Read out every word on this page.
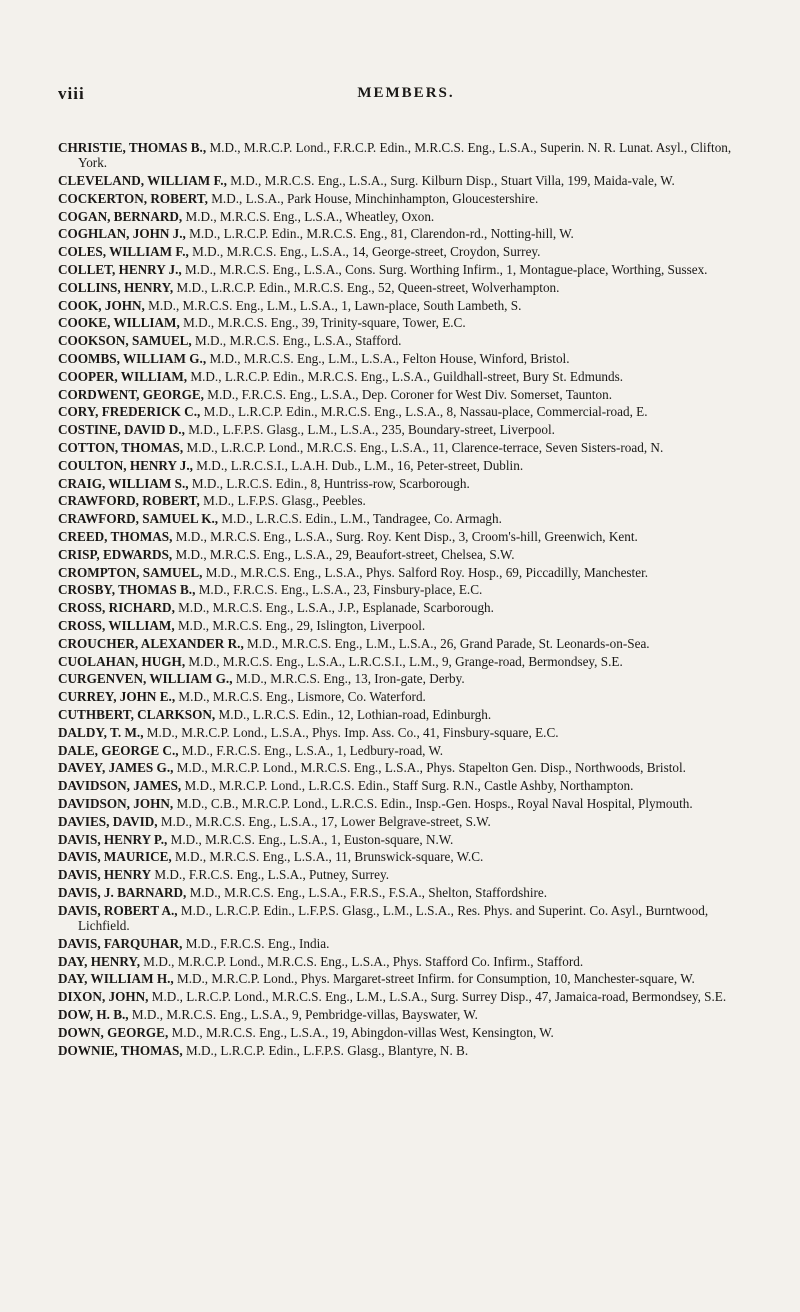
viii	MEMBERS.

CHRISTIE, THOMAS B., M.D., M.R.C.P. Lond., F.R.C.P. Edin., M.R.C.S. Eng., L.S.A., Superin. N. R. Lunat. Asyl., Clifton, York.

CLEVELAND, WILLIAM F., M.D., M.R.C.S. Eng., L.S.A., Surg. Kilburn Disp., Stuart Villa, 199, Maida-vale, W.

COCKERTON, ROBERT, M.D., L.S.A., Park House, Minchinhampton, Gloucestershire.

COGAN, BERNARD, M.D., M.R.C.S. Eng., L.S.A., Wheatley, Oxon.

COGHLAN, JOHN J., M.D., L.R.C.P. Edin., M.R.C.S. Eng., 81, Clarendon-rd., Notting-hill, W.

COLES, WILLIAM F., M.D., M.R.C.S. Eng., L.S.A., 14, George-street, Croydon, Surrey.

COLLET, HENRY J., M.D., M.R.C.S. Eng., L.S.A., Cons. Surg. Worthing Infirm., 1, Montague-place, Worthing, Sussex.

COLLINS, HENRY, M.D., L.R.C.P. Edin., M.R.C.S. Eng., 52, Queen-street, Wolverhampton.

COOK, JOHN, M.D., M.R.C.S. Eng., L.M., L.S.A., 1, Lawn-place, South Lambeth, S.

COOKE, WILLIAM, M.D., M.R.C.S. Eng., 39, Trinity-square, Tower, E.C.

COOKSON, SAMUEL, M.D., M.R.C.S. Eng., L.S.A., Stafford.

COOMBS, WILLIAM G., M.D., M.R.C.S. Eng., L.M., L.S.A., Felton House, Winford, Bristol.

COOPER, WILLIAM, M.D., L.R.C.P. Edin., M.R.C.S. Eng., L.S.A., Guildhall-street, Bury St. Edmunds.

CORDWENT, GEORGE, M.D., F.R.C.S. Eng., L.S.A., Dep. Coroner for West Div. Somerset, Taunton.

CORY, FREDERICK C., M.D., L.R.C.P. Edin., M.R.C.S. Eng., L.S.A., 8, Nassau-place, Commercial-road, E.

COSTINE, DAVID D., M.D., L.F.P.S. Glasg., L.M., L.S.A., 235, Boundary-street, Liverpool.

COTTON, THOMAS, M.D., L.R.C.P. Lond., M.R.C.S. Eng., L.S.A., 11, Clarence-terrace, Seven Sisters-road, N.

COULTON, HENRY J., M.D., L.R.C.S.I., L.A.H. Dub., L.M., 16, Peter-street, Dublin.

CRAIG, WILLIAM S., M.D., L.R.C.S. Edin., 8, Huntriss-row, Scarborough.

CRAWFORD, ROBERT, M.D., L.F.P.S. Glasg., Peebles.

CRAWFORD, SAMUEL K., M.D., L.R.C.S. Edin., L.M., Tandragee, Co. Armagh.

CREED, THOMAS, M.D., M.R.C.S. Eng., L.S.A., Surg. Roy. Kent Disp., 3, Croom's-hill, Greenwich, Kent.

CRISP, EDWARDS, M.D., M.R.C.S. Eng., L.S.A., 29, Beaufort-street, Chelsea, S.W.

CROMPTON, SAMUEL, M.D., M.R.C.S. Eng., L.S.A., Phys. Salford Roy. Hosp., 69, Piccadilly, Manchester.

CROSBY, THOMAS B., M.D., F.R.C.S. Eng., L.S.A., 23, Finsbury-place, E.C.

CROSS, RICHARD, M.D., M.R.C.S. Eng., L.S.A., J.P., Esplanade, Scarborough.

CROSS, WILLIAM, M.D., M.R.C.S. Eng., 29, Islington, Liverpool.

CROUCHER, ALEXANDER R., M.D., M.R.C.S. Eng., L.M., L.S.A., 26, Grand Parade, St. Leonards-on-Sea.

CUOLAHAN, HUGH, M.D., M.R.C.S. Eng., L.S.A., L.R.C.S.I., L.M., 9, Grange-road, Bermondsey, S.E.

CURGENVEN, WILLIAM G., M.D., M.R.C.S. Eng., 13, Iron-gate, Derby.

CURREY, JOHN E., M.D., M.R.C.S. Eng., Lismore, Co. Waterford.

CUTHBERT, CLARKSON, M.D., L.R.C.S. Edin., 12, Lothian-road, Edinburgh.

DALDY, T. M., M.D., M.R.C.P. Lond., L.S.A., Phys. Imp. Ass. Co., 41, Finsbury-square, E.C.

DALE, GEORGE C., M.D., F.R.C.S. Eng., L.S.A., 1, Ledbury-road, W.

DAVEY, JAMES G., M.D., M.R.C.P. Lond., M.R.C.S. Eng., L.S.A., Phys. Stapelton Gen. Disp., Northwoods, Bristol.

DAVIDSON, JAMES, M.D., M.R.C.P. Lond., L.R.C.S. Edin., Staff Surg. R.N., Castle Ashby, Northampton.

DAVIDSON, JOHN, M.D., C.B., M.R.C.P. Lond., L.R.C.S. Edin., Insp.-Gen. Hosps., Royal Naval Hospital, Plymouth.

DAVIES, DAVID, M.D., M.R.C.S. Eng., L.S.A., 17, Lower Belgrave-street, S.W.

DAVIS, HENRY P., M.D., M.R.C.S. Eng., L.S.A., 1, Euston-square, N.W.

DAVIS, MAURICE, M.D., M.R.C.S. Eng., L.S.A., 11, Brunswick-square, W.C.

DAVIS, HENRY M.D., F.R.C.S. Eng., L.S.A., Putney, Surrey.

DAVIS, J. BARNARD, M.D., M.R.C.S. Eng., L.S.A., F.R.S., F.S.A., Shelton, Staffordshire.

DAVIS, ROBERT A., M.D., L.R.C.P. Edin., L.F.P.S. Glasg., L.M., L.S.A., Res. Phys. and Superint. Co. Asyl., Burntwood, Lichfield.

DAVIS, FARQUHAR, M.D., F.R.C.S. Eng., India.

DAY, HENRY, M.D., M.R.C.P. Lond., M.R.C.S. Eng., L.S.A., Phys. Stafford Co. Infirm., Stafford.

DAY, WILLIAM H., M.D., M.R.C.P. Lond., Phys. Margaret-street Infirm. for Consumption, 10, Manchester-square, W.

DIXON, JOHN, M.D., L.R.C.P. Lond., M.R.C.S. Eng., L.M., L.S.A., Surg. Surrey Disp., 47, Jamaica-road, Bermondsey, S.E.

DOW, H. B., M.D., M.R.C.S. Eng., L.S.A., 9, Pembridge-villas, Bayswater, W.

DOWN, GEORGE, M.D., M.R.C.S. Eng., L.S.A., 19, Abingdon-villas West, Kensington, W.

DOWNIE, THOMAS, M.D., L.R.C.P. Edin., L.F.P.S. Glasg., Blantyre, N. B.
